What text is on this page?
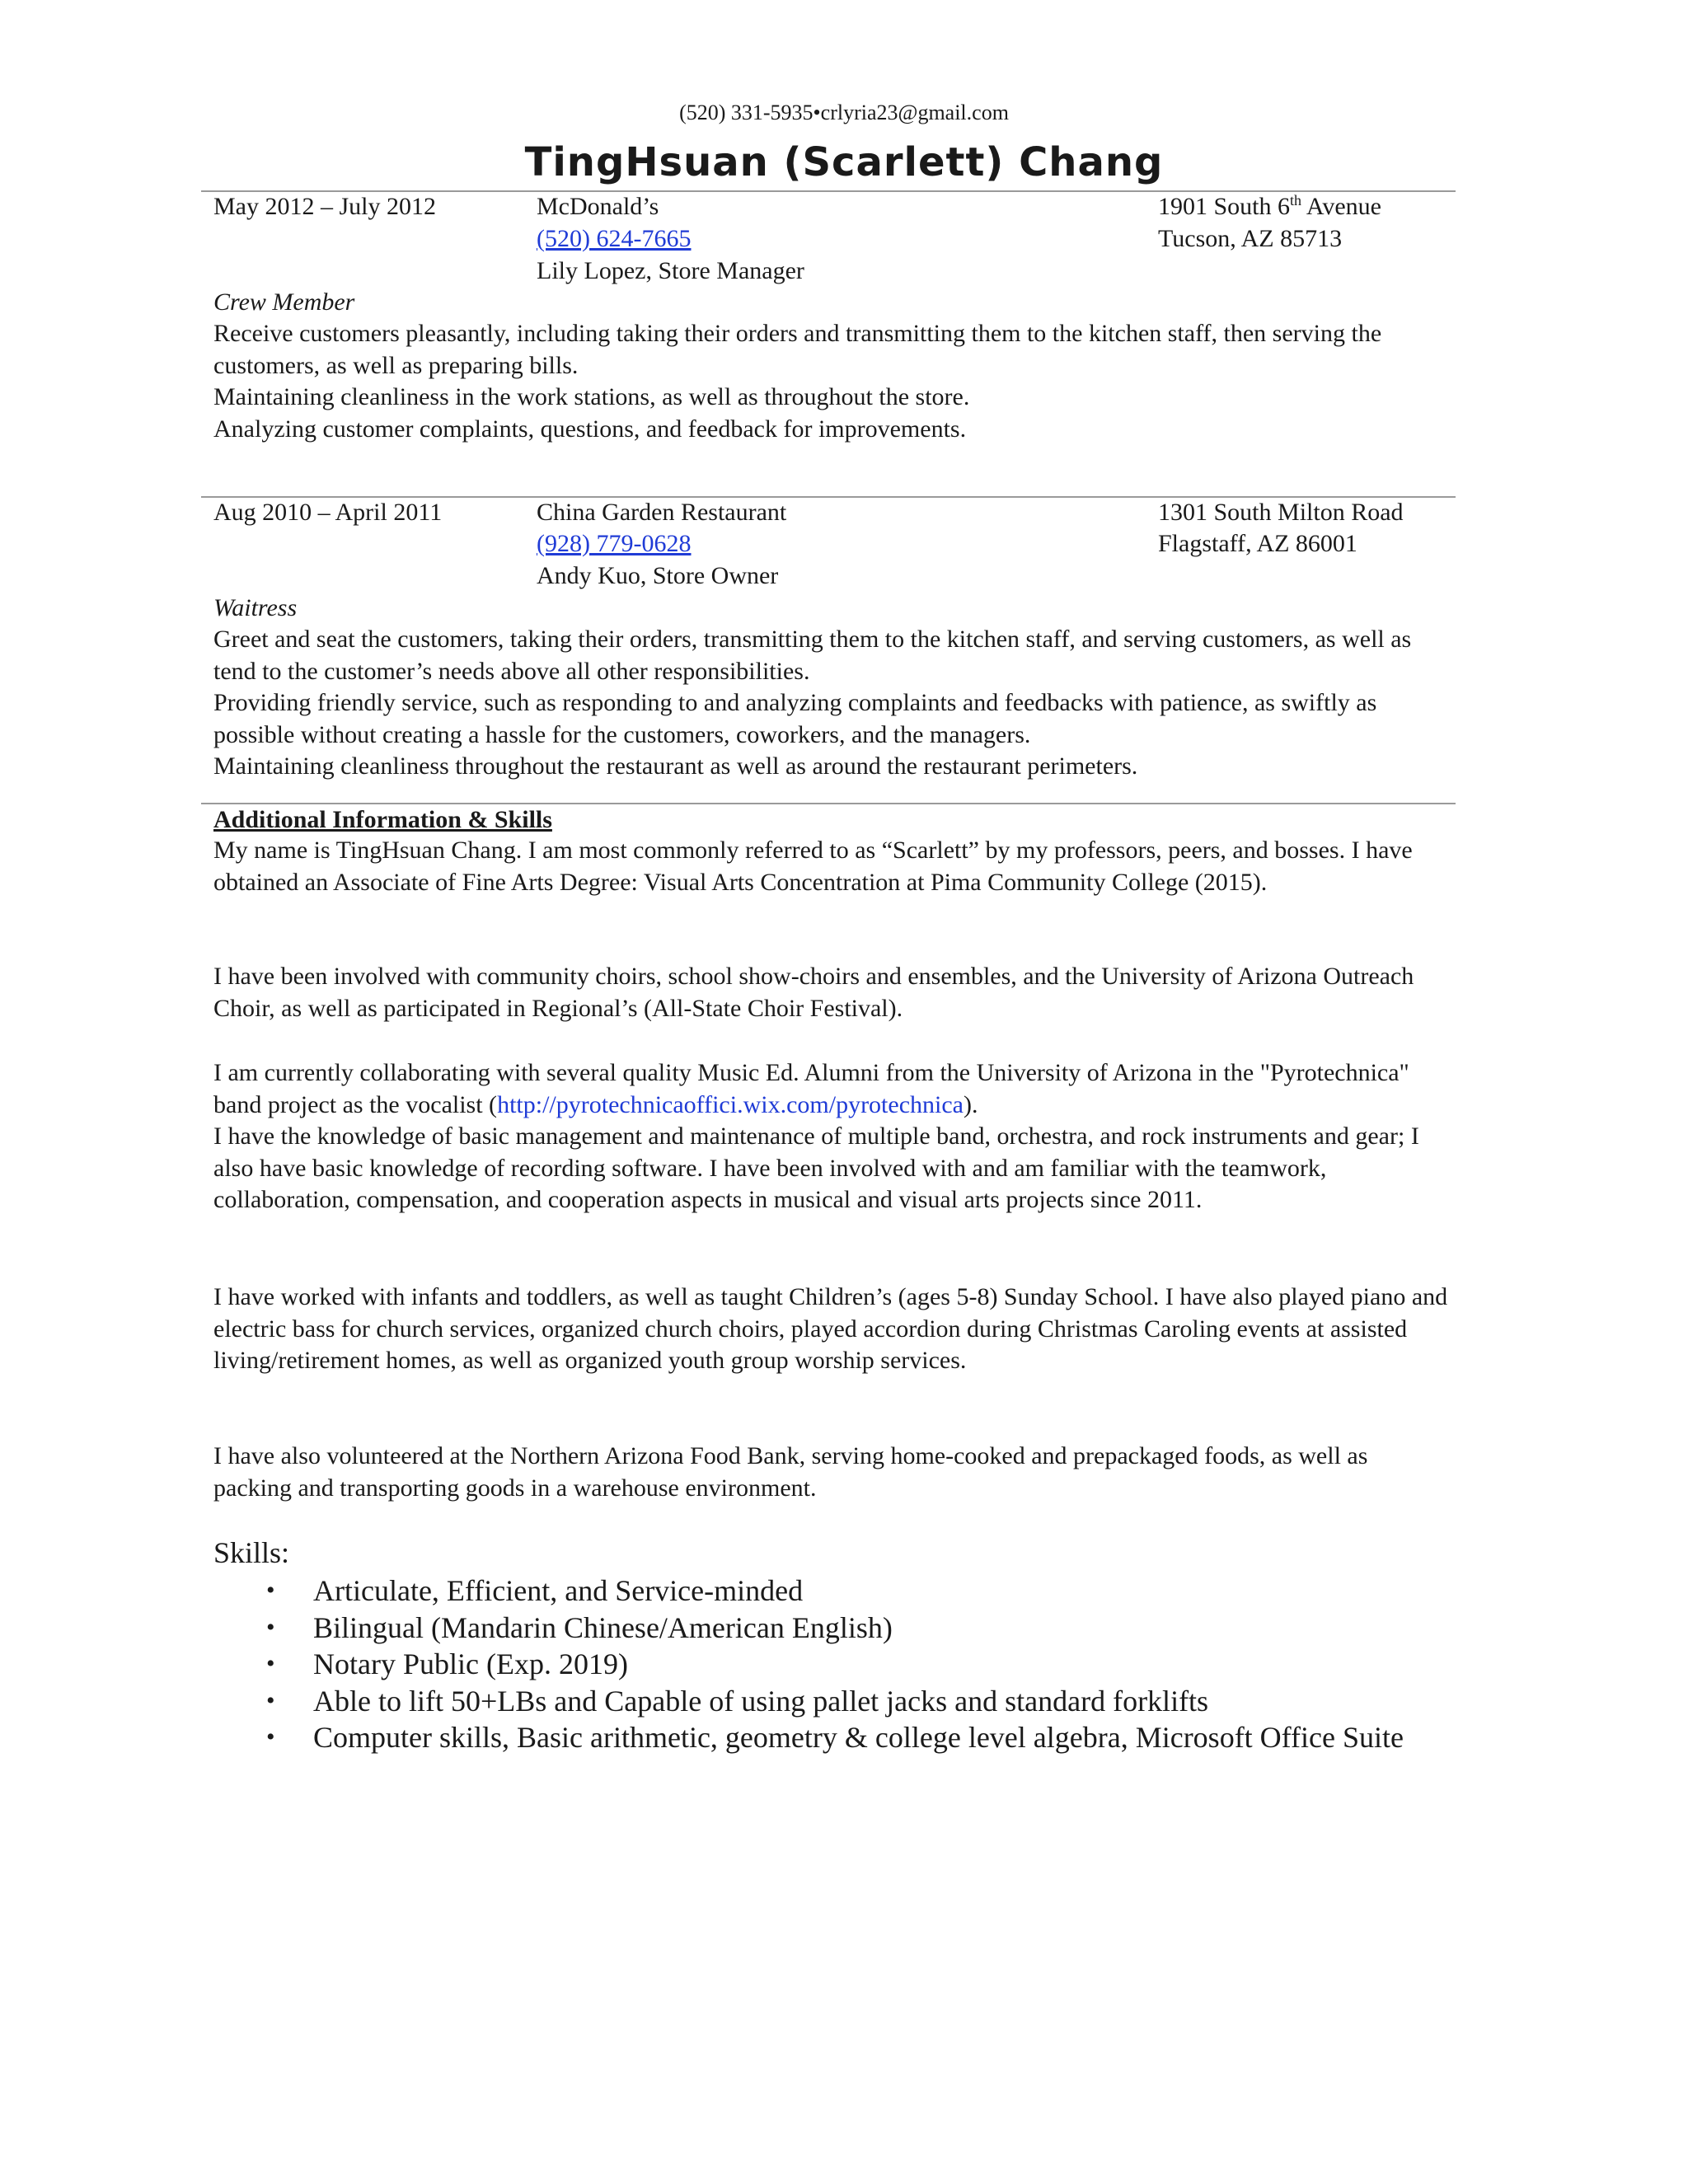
(520) 331-5935•crlyria23@gmail.com
TingHsuan (Scarlett) Chang
May 2012 – July 2012	McDonald’s
(520) 624-7665
Lily Lopez, Store Manager
1901 South 6th Avenue
Tucson, AZ 85713
Crew Member
Receive customers pleasantly, including taking their orders and transmitting them to the kitchen staff, then serving the customers, as well as preparing bills.
Maintaining cleanliness in the work stations, as well as throughout the store.
Analyzing customer complaints, questions, and feedback for improvements.
Aug 2010 – April 2011	China Garden Restaurant
(928) 779-0628
Andy Kuo, Store Owner
1301 South Milton Road
Flagstaff, AZ 86001
Waitress
Greet and seat the customers, taking their orders, transmitting them to the kitchen staff, and serving customers, as well as tend to the customer’s needs above all other responsibilities.
Providing friendly service, such as responding to and analyzing complaints and feedbacks with patience, as swiftly as possible without creating a hassle for the customers, coworkers, and the managers.
Maintaining cleanliness throughout the restaurant as well as around the restaurant perimeters.
Additional Information & Skills
My name is TingHsuan Chang. I am most commonly referred to as “Scarlett” by my professors, peers, and bosses. I have obtained an Associate of Fine Arts Degree: Visual Arts Concentration at Pima Community College (2015).
I have been involved with community choirs, school show-choirs and ensembles, and the University of Arizona Outreach Choir, as well as participated in Regional’s (All-State Choir Festival).
I am currently collaborating with several quality Music Ed. Alumni from the University of Arizona in the "Pyrotechnica" band project as the vocalist (http://pyrotechnicaoffici.wix.com/pyrotechnica).
I have the knowledge of basic management and maintenance of multiple band, orchestra, and rock instruments and gear; I also have basic knowledge of recording software. I have been involved with and am familiar with the teamwork, collaboration, compensation, and cooperation aspects in musical and visual arts projects since 2011.
I have worked with infants and toddlers, as well as taught Children’s (ages 5-8) Sunday School. I have also played piano and electric bass for church services, organized church choirs, played accordion during Christmas Caroling events at assisted living/retirement homes, as well as organized youth group worship services.
I have also volunteered at the Northern Arizona Food Bank, serving home-cooked and prepackaged foods, as well as packing and transporting goods in a warehouse environment.
Skills:
• Articulate, Efficient, and Service-minded
• Bilingual (Mandarin Chinese/American English)
• Notary Public (Exp. 2019)
• Able to lift 50+LBs and Capable of using pallet jacks and standard forklifts
• Computer skills, Basic arithmetic, geometry & college level algebra, Microsoft Office Suite
